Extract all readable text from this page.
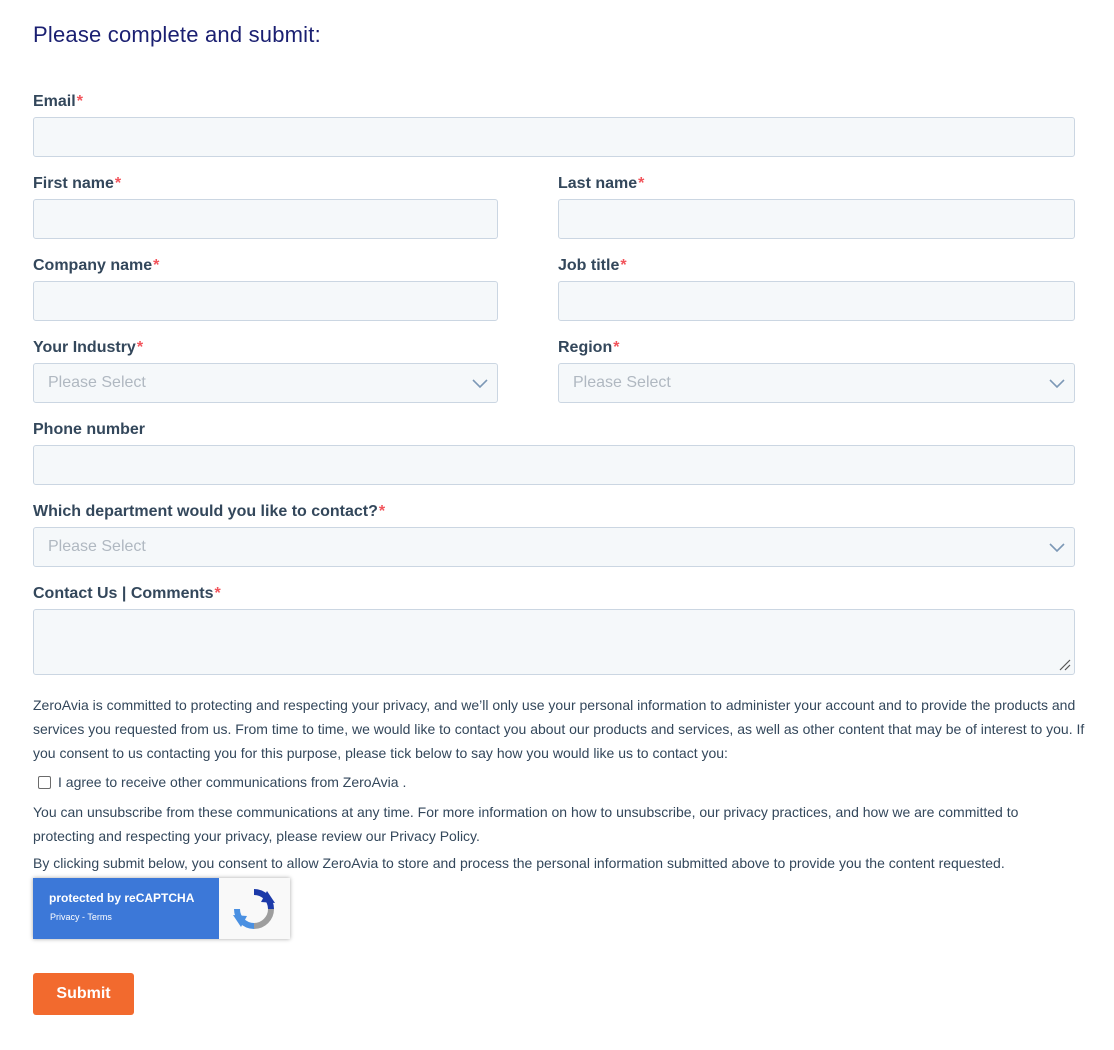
Please complete and submit:
Email*
First name*	Last name*
Company name*	Job title*
Your Industry*
Please Select
Region*
Please Select
Phone number
Which department would you like to contact?*
Please Select
Contact Us | Comments*

ZeroAvia is committed to protecting and respecting your privacy, and we’ll only use your personal information to administer your account and to provide the products and services you requested from us. From time to time, we would like to contact you about our products and services, as well as other content that may be of interest to you. If you consent to us contacting you for this purpose, please tick below to say how you would like us to contact you:

I agree to receive other communications from ZeroAvia .

You can unsubscribe from these communications at any time. For more information on how to unsubscribe, our privacy practices, and how we are committed to protecting and respecting your privacy, please review our Privacy Policy.

By clicking submit below, you consent to allow ZeroAvia to store and process the personal information submitted above to provide you the content requested.

protected by reCAPTCHA
Privacy - Terms
Submit
